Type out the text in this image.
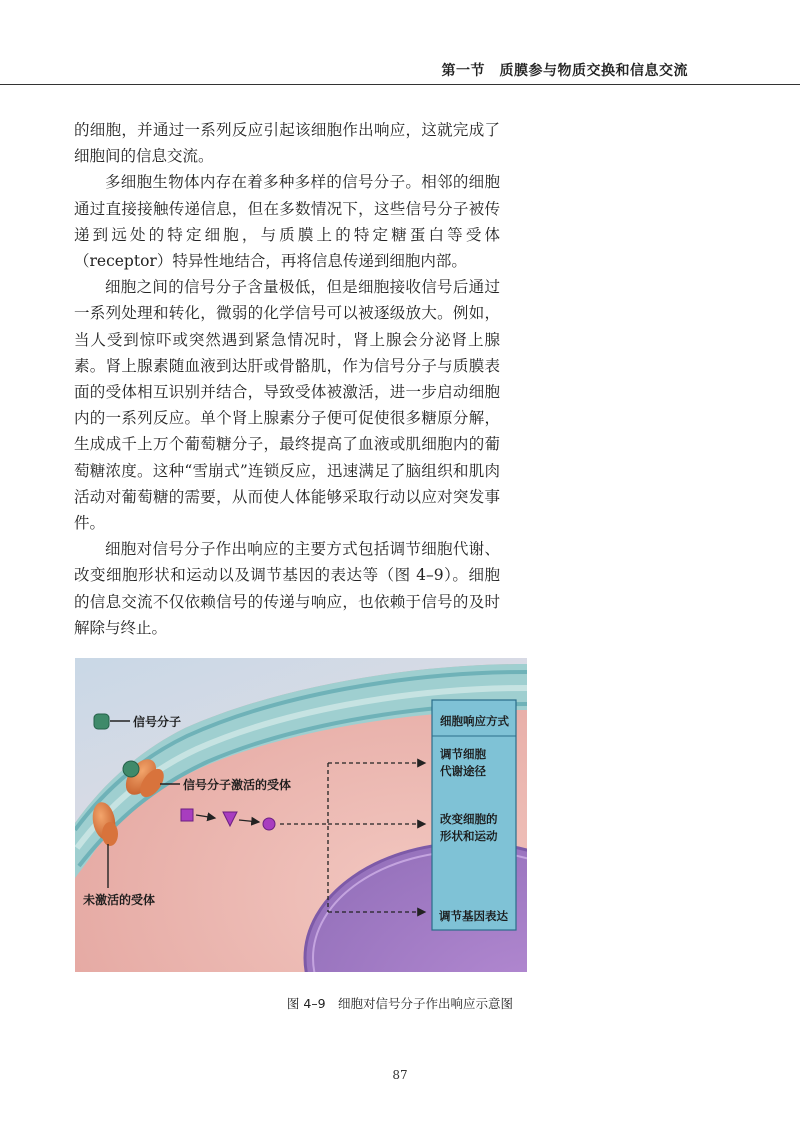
第一节　质膜参与物质交换和信息交流

的细胞，并通过一系列反应引起该细胞作出响应，这就完成了细胞间的信息交流。

多细胞生物体内存在着多种多样的信号分子。相邻的细胞通过直接接触传递信息，但在多数情况下，这些信号分子被传递到远处的特定细胞，与质膜上的特定糖蛋白等受体（receptor）特异性地结合，再将信息传递到细胞内部。

细胞之间的信号分子含量极低，但是细胞接收信号后通过一系列处理和转化，微弱的化学信号可以被逐级放大。例如，当人受到惊吓或突然遇到紧急情况时，肾上腺会分泌肾上腺素。肾上腺素随血液到达肝或骨骼肌，作为信号分子与质膜表面的受体相互识别并结合，导致受体被激活，进一步启动细胞内的一系列反应。单个肾上腺素分子便可促使很多糖原分解，生成成千上万个葡萄糖分子，最终提高了血液或肌细胞内的葡萄糖浓度。这种“雪崩式”连锁反应，迅速满足了脑组织和肌肉活动对葡萄糖的需要，从而使人体能够采取行动以应对突发事件。

细胞对信号分子作出响应的主要方式包括调节细胞代谢、改变细胞形状和运动以及调节基因的表达等（图 4–9）。细胞的信息交流不仅依赖信号的传递与响应，也依赖于信号的及时解除与终止。

细胞响应方式
调节细胞
代谢途径
改变细胞的
形状和运动
调节基因表达
信号分子
信号分子激活的受体
未激活的受体
图 4–9　细胞对信号分子作出响应示意图
87
